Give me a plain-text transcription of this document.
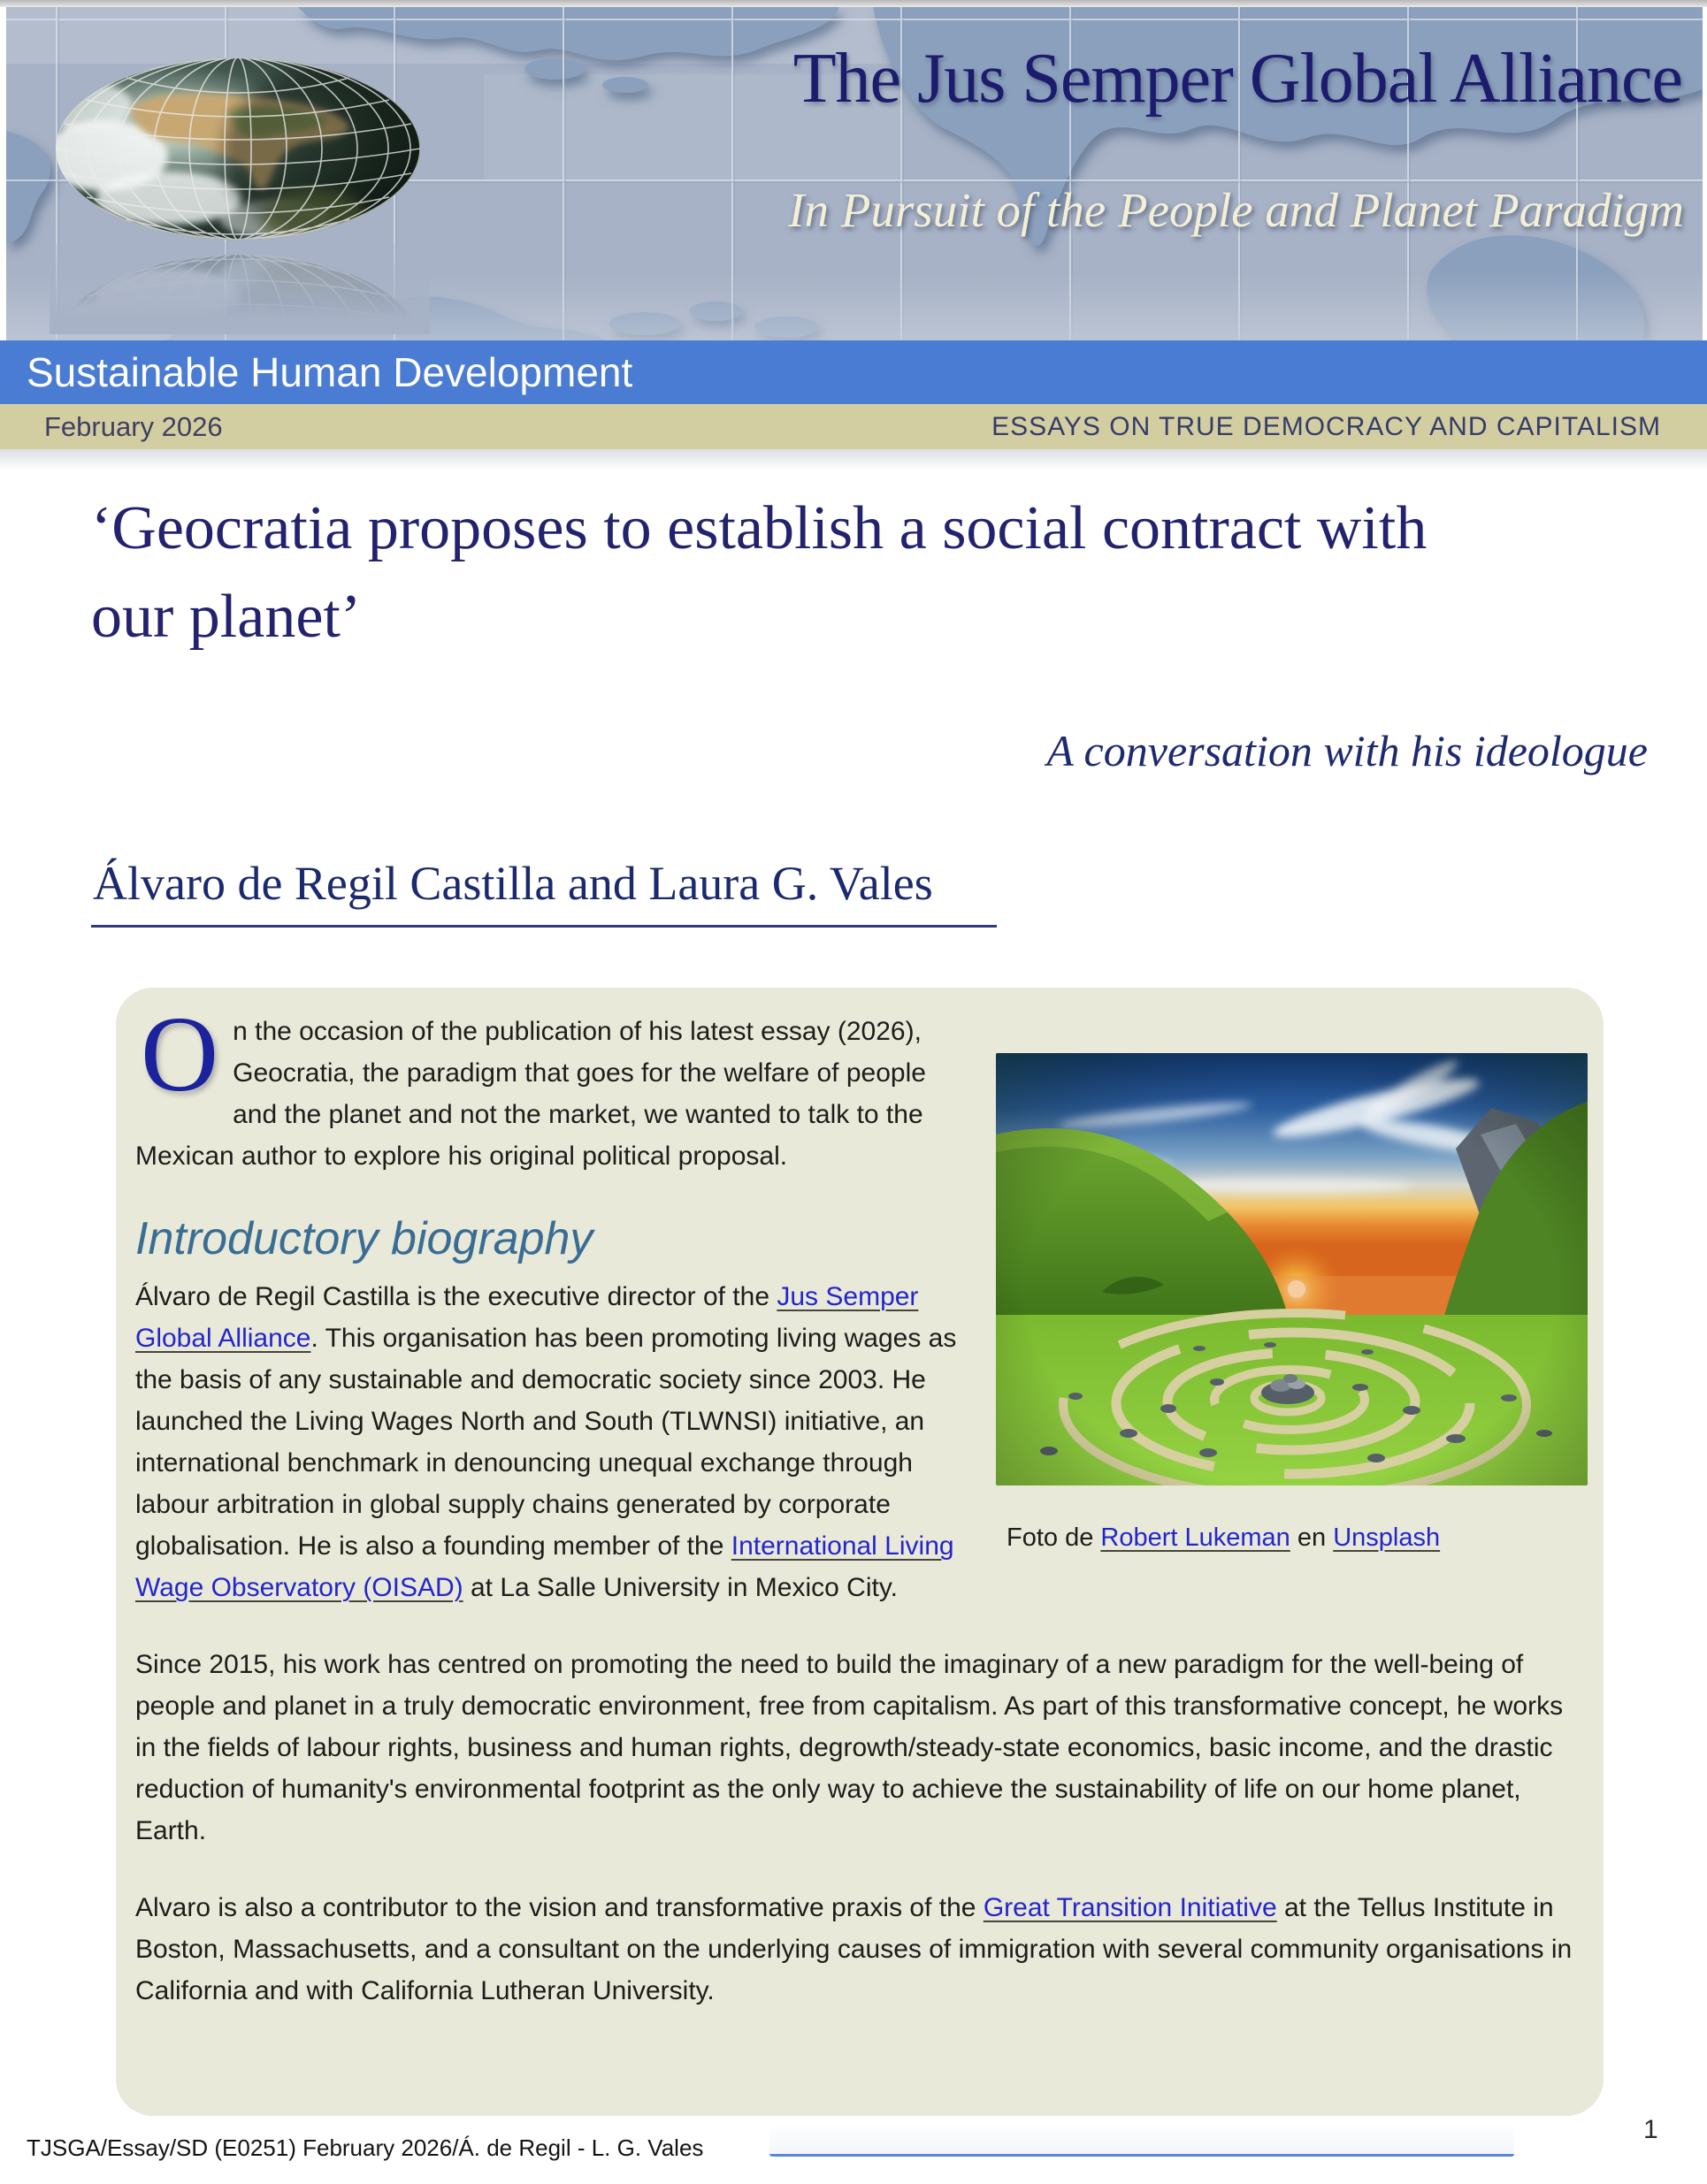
The Jus Semper Global Alliance

In Pursuit of the People and Planet Paradigm

Sustainable Human Development
February 2026	ESSAYS ON TRUE DEMOCRACY AND CAPITALISM
‘Geocratia proposes to establish a social contract with our planet’

A conversation with his ideologue

Álvaro de Regil Castilla and Laura G. Vales

Foto de Robert Lukeman en Unsplash

On the occasion of the publication of his latest essay (2026), Geocratia, the paradigm that goes for the welfare of people and the planet and not the market, we wanted to talk to the Mexican author to explore his original political proposal.

Introductory biography

Álvaro de Regil Castilla is the executive director of the Jus Semper Global Alliance. This organisation has been promoting living wages as the basis of any sustainable and democratic society since 2003. He launched the Living Wages North and South (TLWNSI) initiative, an international benchmark in denouncing unequal exchange through labour arbitration in global supply chains generated by corporate globalisation. He is also a founding member of the International Living Wage Observatory (OISAD) at La Salle University in Mexico City.

Since 2015, his work has centred on promoting the need to build the imaginary of a new paradigm for the well-being of people and planet in a truly democratic environment, free from capitalism. As part of this transformative concept, he works in the fields of labour rights, business and human rights, degrowth/steady-state economics, basic income, and the drastic reduction of humanity's environmental footprint as the only way to achieve the sustainability of life on our home planet, Earth.

Alvaro is also a contributor to the vision and transformative praxis of the Great Transition Initiative at the Tellus Institute in Boston, Massachusetts, and a consultant on the underlying causes of immigration with several community organisations in California and with California Lutheran University.

TJSGA/Essay/SD (E0251) February 2026/Á. de Regil - L. G. Vales
1
